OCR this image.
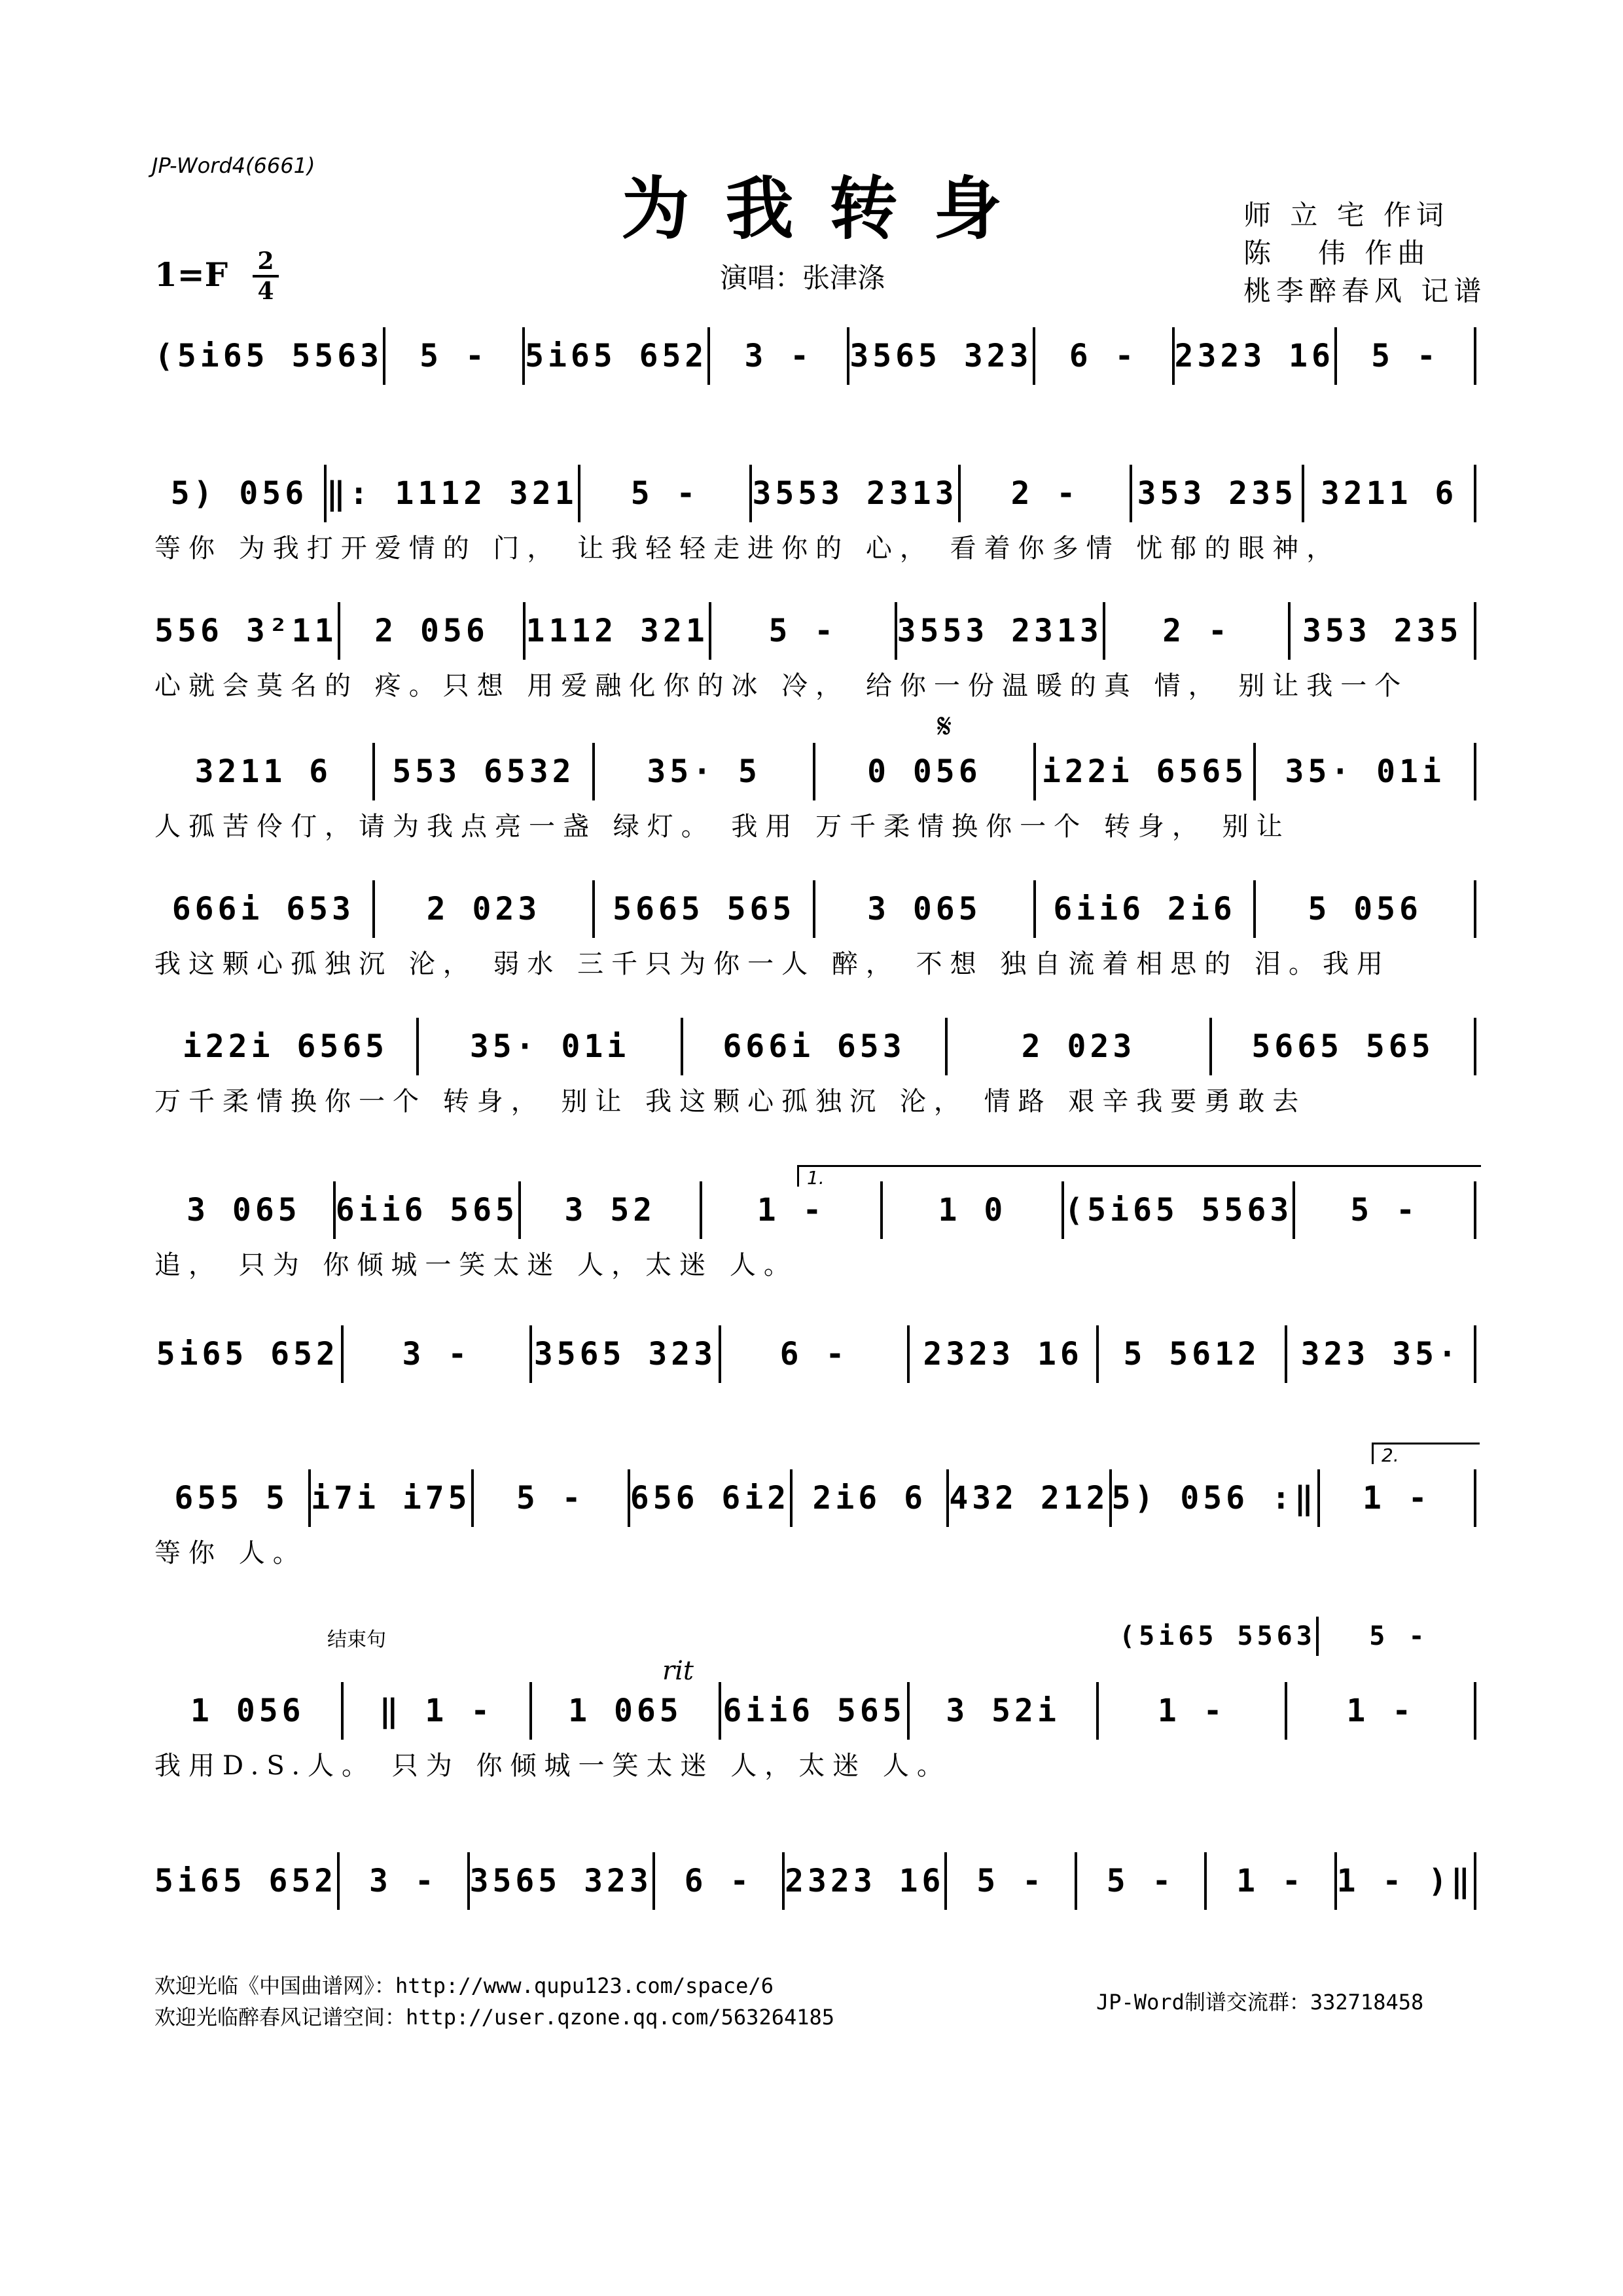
JP-Word4(6661)
为我转身	师 立 宅 作词
陈   伟 作曲
桃李醉春风 记谱
1=F 2
4	演唱：张津涤
(5i65 5563	5 -	5i65 652	3 -	3565 323	6 -	2323 16	5 -
5) 056 ‖: 1112 321	5 -	3553 2313	2 -	353 235 3211 6
等你 为我打开爱情的 门， 让我轻轻走进你的 心， 看着你多情 忧郁的眼神，
556 3²11	2 056	1112 321	5 -	3553 2313	2 -	353 235
心就会莫名的 疼。只想 用爱融化你的冰 冷， 给你一份温暖的真 情， 别让我一个
3211 6	553 6532	35· 5	0 056	i22i 6565	35· 01i
人孤苦伶仃，请为我点亮一盏 绿灯。 我用 万千柔情换你一个 转身， 别让
666i 653	2 023	5665 565	3 065	6ii6 2i6	5 056
我这颗心孤独沉 沦， 弱水 三千只为你一人 醉， 不想 独自流着相思的 泪。我用
i22i 6565	35· 01i	666i 653	2 023	5665 565
万千柔情换你一个 转身， 别让 我这颗心孤独沉 沦， 情路 艰辛我要勇敢去
3 065	6ii6 565	3 52	1 -	1 0	(5i65 5563	5 -
追， 只为 你倾城一笑太迷 人，太迷 人。
5i65 652	3 -	3565 323	6 -	2323 16	5 5612	323 35·
655 5 i7i i75	5 -	656 6i2 2i6 6 432 212 5) 056 :‖	1 -
等你 人。
1 056	‖ 1 -	1 065	6ii6 565	3 52i	1 -	1 -
我用D.S.人。 只为 你倾城一笑太迷 人，太迷 人。
5i65 652	3 -	3565 323	6 -	2323 16	5 -	5 -	1 -	1 - )‖
1.
2.
𝄋
结束句
rit
(5i65 5563	5 -
欢迎光临《中国曲谱网》：http://www.qupu123.com/space/6
欢迎光临醉春风记谱空间：http://user.qzone.qq.com/563264185
JP-Word制谱交流群：332718458
